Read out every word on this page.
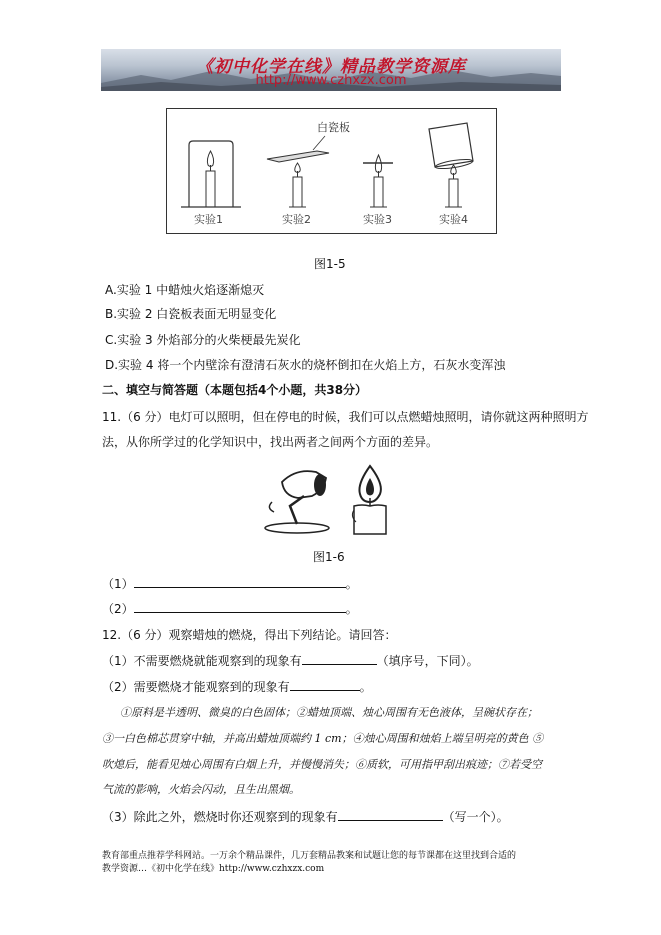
《初中化学在线》精品教学资源库
http://www.czhxzx.com
白瓷板
实验1	实验2	实验3	实验4
图1-5
A.实验 1 中蜡烛火焰逐渐熄灭
B.实验 2 白瓷板表面无明显变化
C.实验 3 外焰部分的火柴梗最先炭化
D.实验 4 将一个内壁涂有澄清石灰水的烧杯倒扣在火焰上方，石灰水变浑浊
二、填空与简答题（本题包括4个小题，共38分）
11.（6 分）电灯可以照明，但在停电的时候，我们可以点燃蜡烛照明，请你就这两种照明方
法，从你所学过的化学知识中，找出两者之间两个方面的差异。
图1-6
（1）	。
（2）	。
12.（6 分）观察蜡烛的燃烧，得出下列结论。请回答：
（1）不需要燃烧就能观察到的现象有	（填序号，下同）。
（2）需要燃烧才能观察到的现象有	。
①原料是半透明、微臭的白色固体；②蜡烛顶端、烛心周围有无色液体，呈碗状存在；
③一白色棉芯贯穿中轴，并高出蜡烛顶端约 1 cm；④烛心周围和烛焰上端呈明亮的黄色 ⑤
吹熄后，能看见烛心周围有白烟上升，并慢慢消失；⑥质软，可用指甲刮出痕迹；⑦若受空
气流的影响，火焰会闪动，且生出黑烟。
（3）除此之外，燃烧时你还观察到的现象有	（写一个）。
教育部重点推荐学科网站。一万余个精品课件，几万套精品教案和试题让您的每节课都在这里找到合适的
教学资源…《初中化学在线》http://www.czhxzx.com
